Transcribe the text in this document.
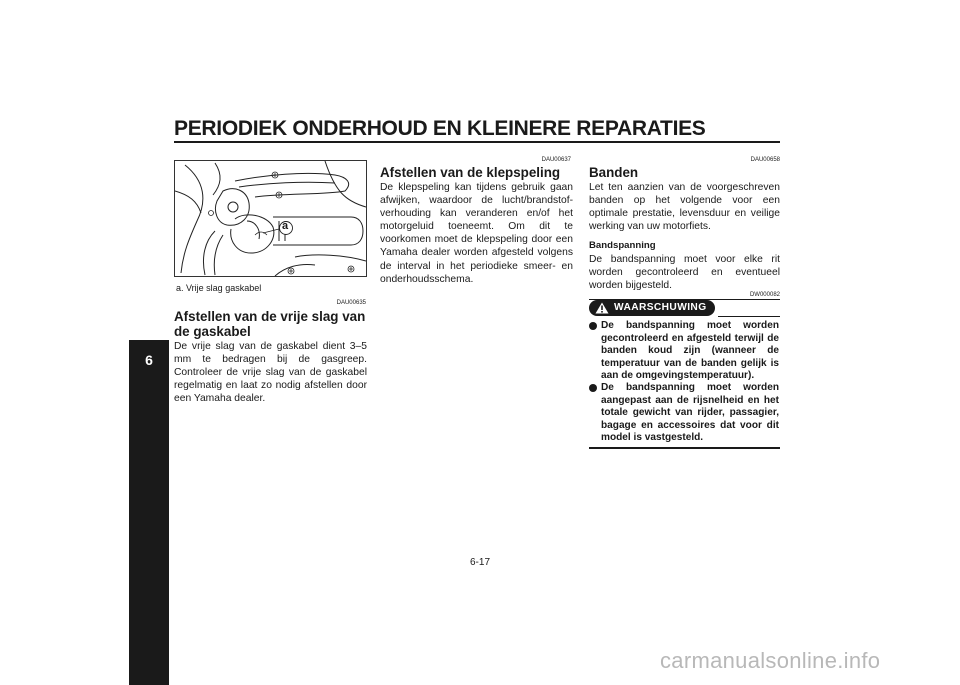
PERIODIEK ONDERHOUD EN KLEINERE REPARATIES
6
a
a. Vrije slag gaskabel
DAU00635
Afstellen van de vrije slag van de gaskabel
De vrije slag van de gaskabel dient 3–5 mm te bedragen bij de gasgreep. Controleer de vrije slag van de gaskabel regelmatig en laat zo nodig afstellen door een Yamaha dealer.
DAU00637
Afstellen van de klepspeling
De klepspeling kan tijdens gebruik gaan afwijken, waardoor de lucht/brandstof-verhouding kan veranderen en/of het motorgeluid toeneemt. Om dit te voorkomen moet de klepspeling door een Yamaha dealer worden afgesteld volgens de interval in het periodieke smeer- en onderhoudsschema.
DAU00658
Banden
Let ten aanzien van de voorgeschreven banden op het volgende voor een optimale prestatie, levensduur en veilige werking van uw motorfiets.
Bandspanning
De bandspanning moet voor elke rit worden gecontroleerd en eventueel worden bijgesteld.
DW000082
WAARSCHUWING
De bandspanning moet worden gecontroleerd en afgesteld terwijl de banden koud zijn (wanneer de temperatuur van de banden gelijk is aan de omgevingstemperatuur).
De bandspanning moet worden aangepast aan de rijsnelheid en het totale gewicht van rijder, passagier, bagage en accessoires dat voor dit model is vastgesteld.
6-17
carmanualsonline.info
